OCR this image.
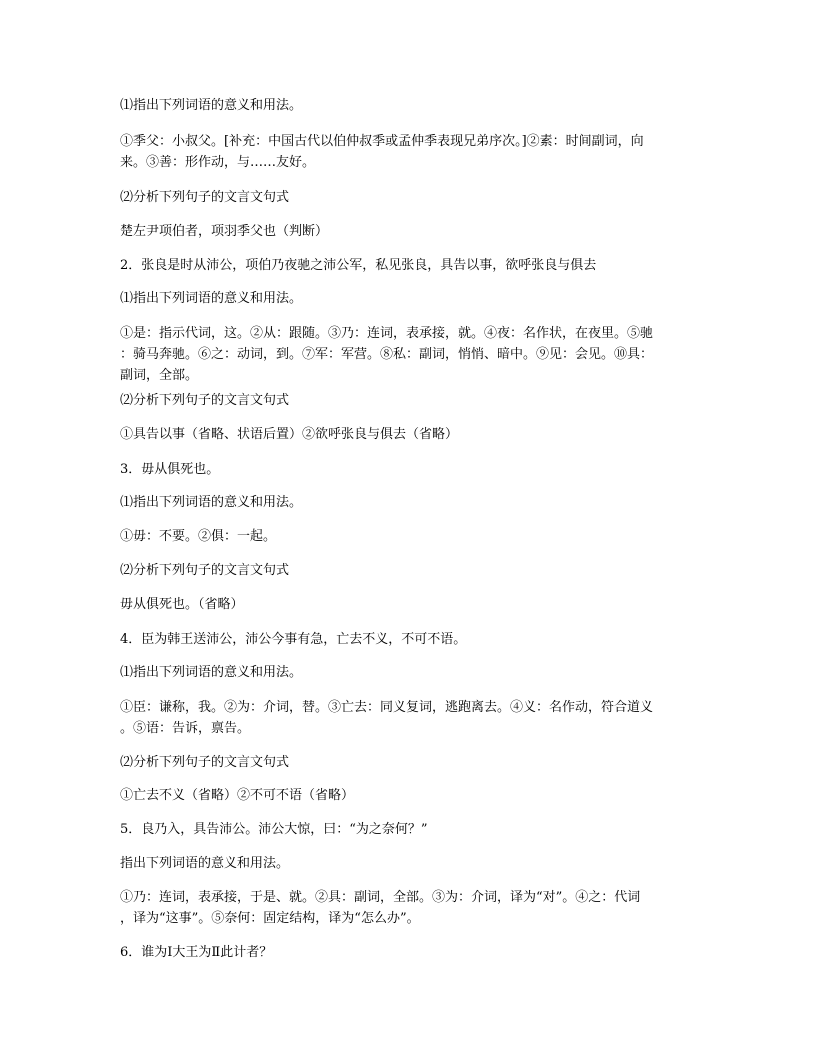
⑴指出下列词语的意义和用法。
①季父：小叔父。[补充：中国古代以伯仲叔季或孟仲季表现兄弟序次。]②素：时间副词，向
来。③善：形作动，与……友好。
⑵分析下列句子的文言文句式
楚左尹项伯者，项羽季父也（判断）
2．张良是时从沛公，项伯乃夜驰之沛公军，私见张良，具告以事，欲呼张良与俱去
⑴指出下列词语的意义和用法。
①是：指示代词，这。②从：跟随。③乃：连词，表承接，就。④夜：名作状，在夜里。⑤驰
：骑马奔驰。⑥之：动词，到。⑦军：军营。⑧私：副词，悄悄、暗中。⑨见：会见。⑩具：
副词，全部。
⑵分析下列句子的文言文句式
①具告以事（省略、状语后置）②欲呼张良与俱去（省略）
3．毋从俱死也。
⑴指出下列词语的意义和用法。
①毋：不要。②俱：一起。
⑵分析下列句子的文言文句式
毋从俱死也。（省略）
4．臣为韩王送沛公，沛公今事有急，亡去不义，不可不语。
⑴指出下列词语的意义和用法。
①臣：谦称，我。②为：介词，替。③亡去：同义复词，逃跑离去。④义：名作动，符合道义
。⑤语：告诉，禀告。
⑵分析下列句子的文言文句式
①亡去不义（省略）②不可不语（省略）
5．良乃入，具告沛公。沛公大惊，曰：“为之奈何？”
指出下列词语的意义和用法。
①乃：连词，表承接，于是、就。②具：副词，全部。③为：介词，译为“对”。④之：代词
，译为“这事”。⑤奈何：固定结构，译为“怎么办”。
6．谁为Ⅰ大王为Ⅱ此计者？
